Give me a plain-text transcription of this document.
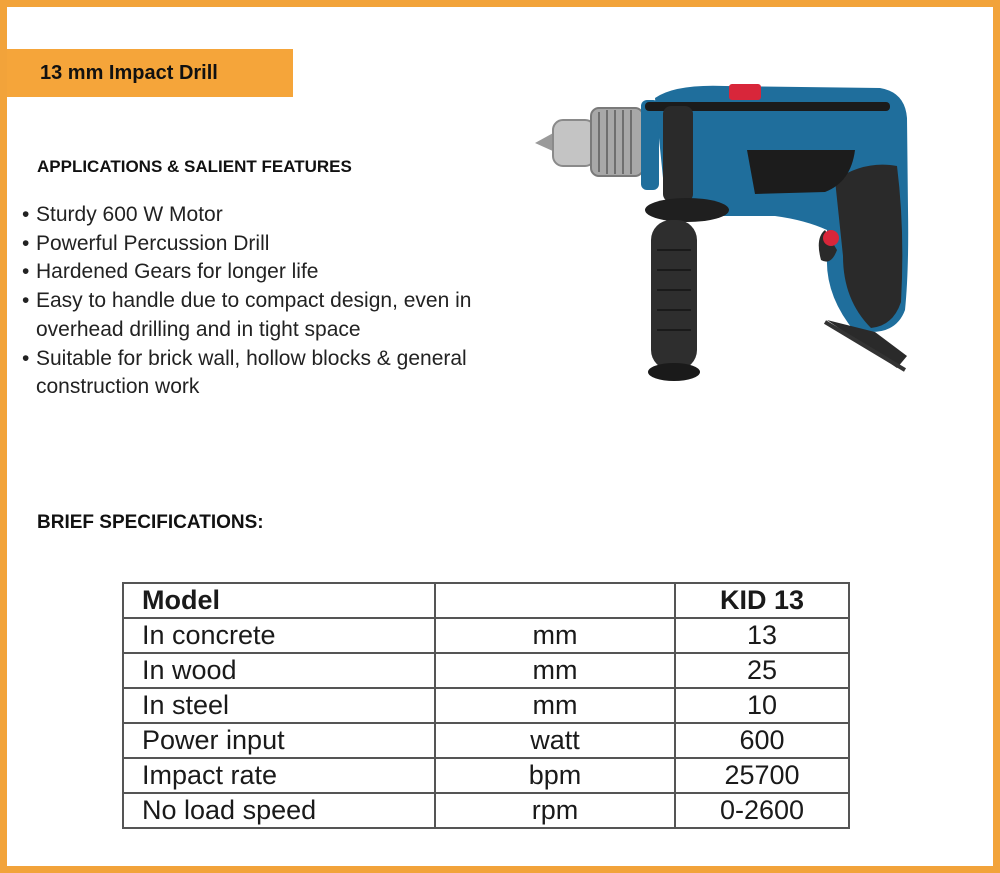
13 mm Impact Drill
APPLICATIONS & SALIENT FEATURES
• Sturdy 600 W Motor
• Powerful Percussion Drill
• Hardened Gears for longer life
• Easy to handle due to compact design, even in
overhead drilling and in tight space
• Suitable for brick wall, hollow blocks & general
construction work
BRIEF SPECIFICATIONS:
Model		KID 13
In concrete	mm	13
In wood	mm	25
In steel	mm	10
Power input	watt	600
Impact rate	bpm	25700
No load speed	rpm	0-2600
